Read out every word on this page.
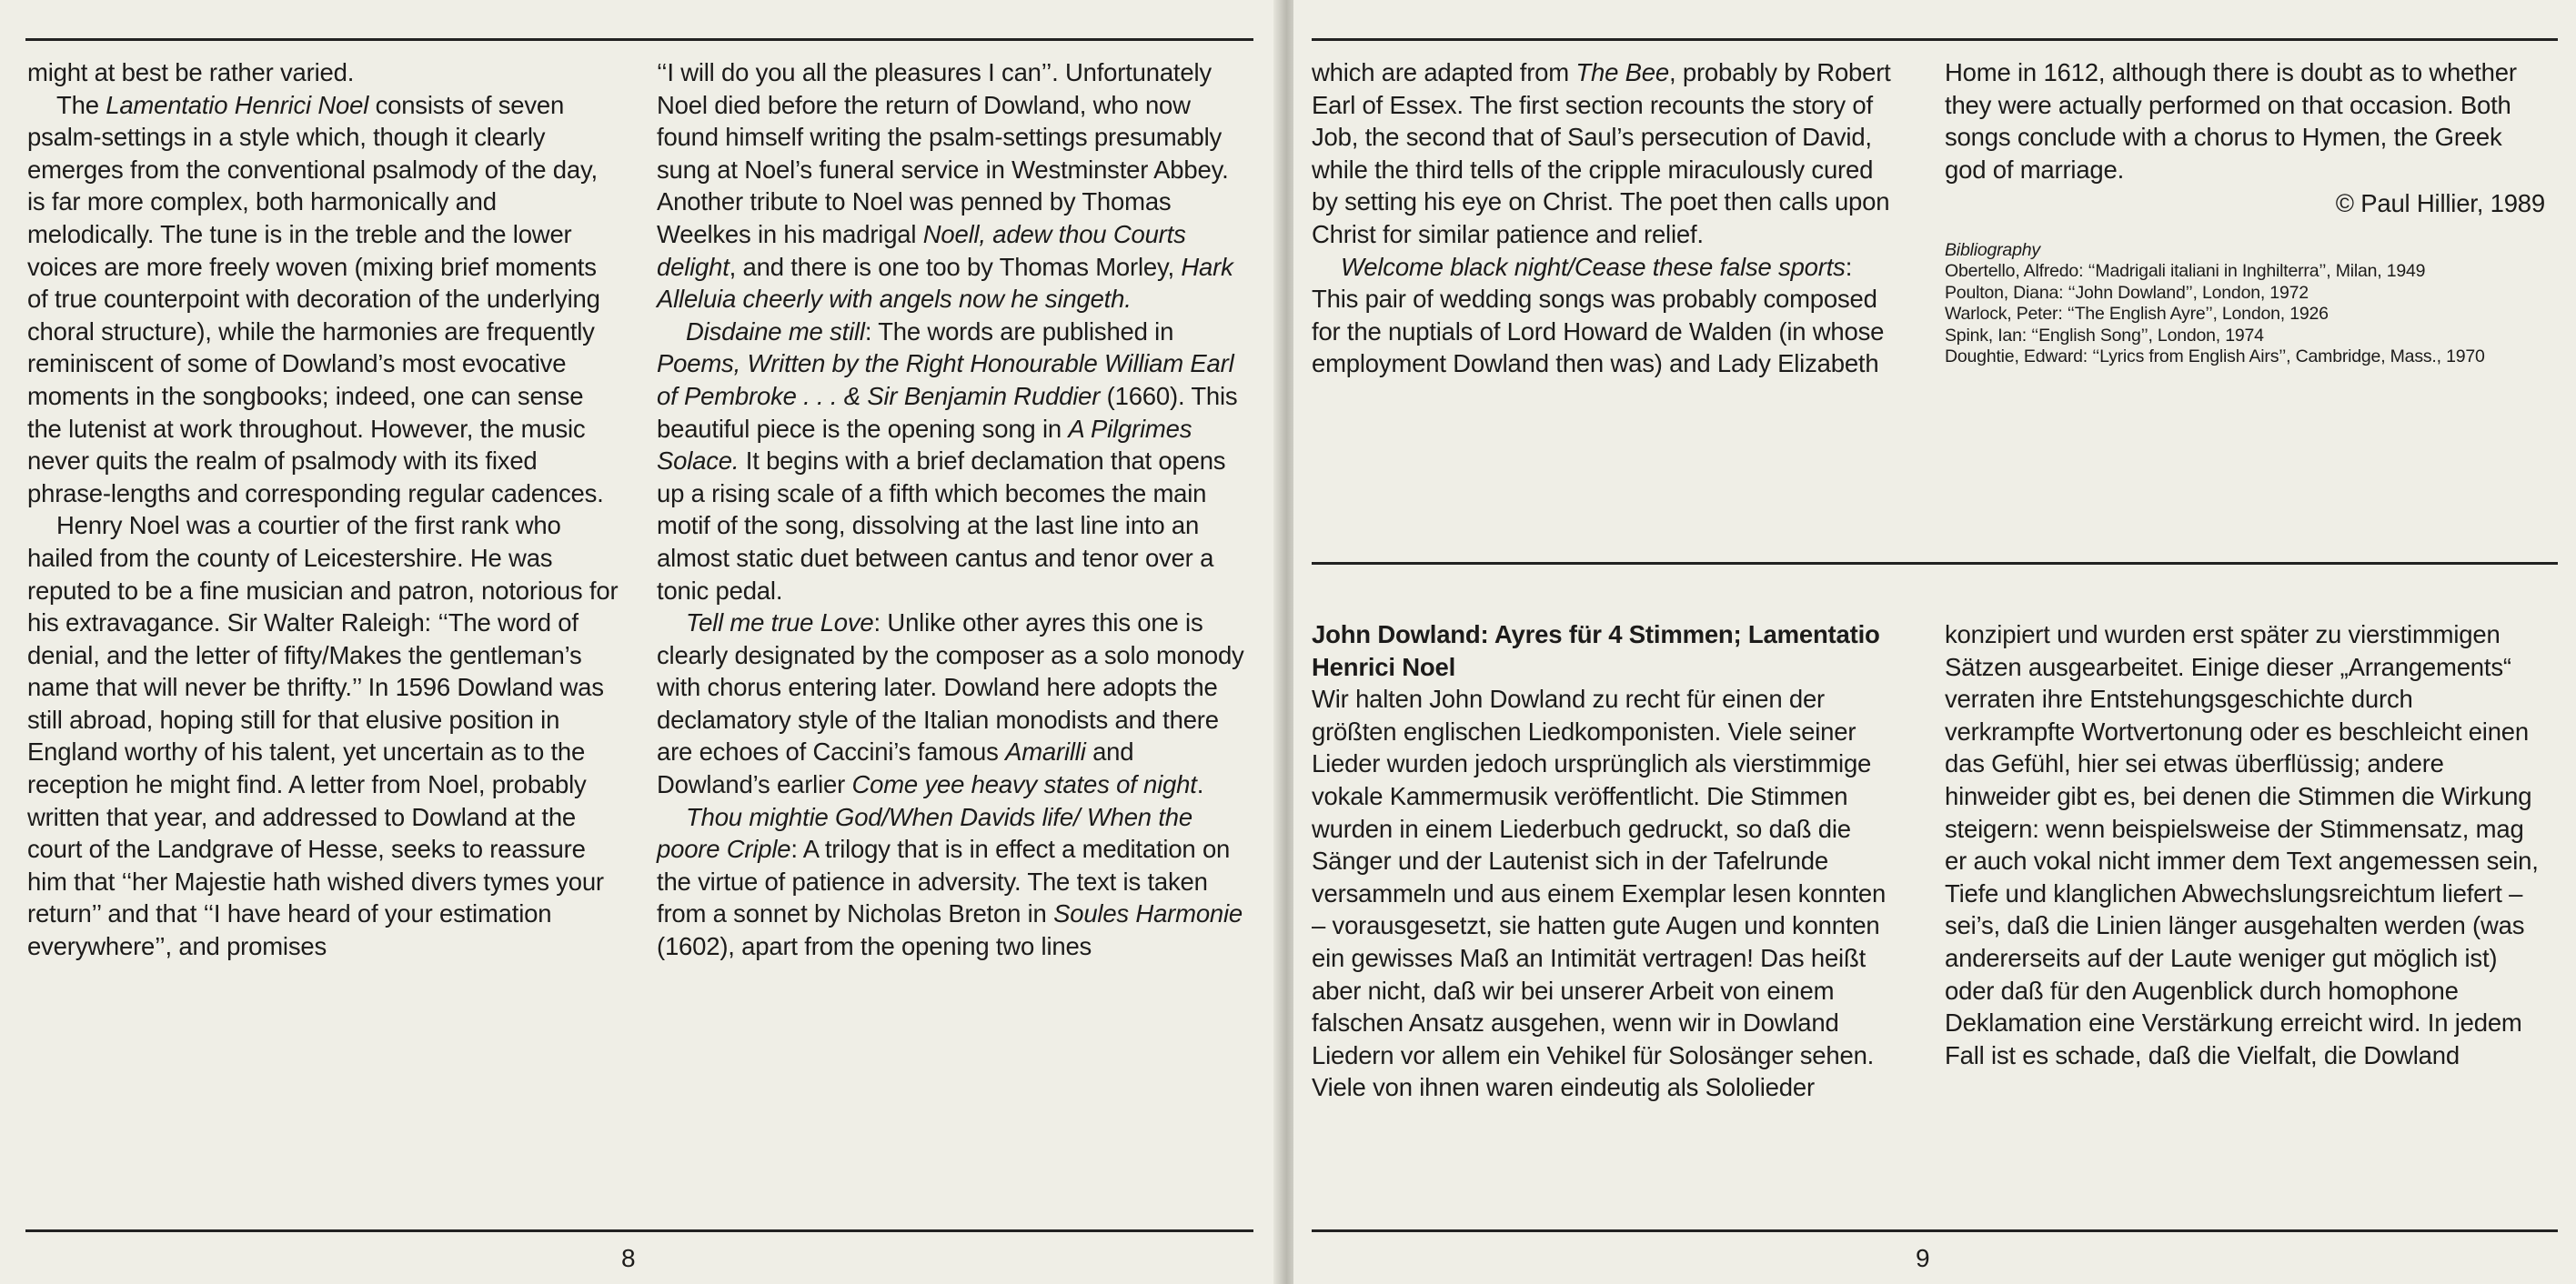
might at best be rather varied.

The Lamentatio Henrici Noel consists of seven psalm-settings in a style which, though it clearly emerges from the conventional psalmody of the day, is far more complex, both harmonically and melodically. The tune is in the treble and the lower voices are more freely woven (mixing brief moments of true counterpoint with decoration of the underlying choral structure), while the harmonies are frequently reminiscent of some of Dowland’s most evocative moments in the songbooks; indeed, one can sense the lutenist at work throughout. However, the music never quits the realm of psalmody with its fixed phrase-lengths and corresponding regular cadences.

Henry Noel was a courtier of the first rank who hailed from the county of Leicestershire. He was reputed to be a fine musician and patron, notorious for his extravagance. Sir Walter Raleigh: ‘‘The word of denial, and the letter of fifty/Makes the gentleman’s name that will never be thrifty.’’ In 1596 Dowland was still abroad, hoping still for that elusive position in England worthy of his talent, yet uncertain as to the reception he might find. A letter from Noel, probably written that year, and addressed to Dowland at the court of the Landgrave of Hesse, seeks to reassure him that ‘‘her Majestie hath wished divers tymes your return’’ and that ‘‘I have heard of your estimation everywhere’’, and promises

‘‘I will do you all the pleasures I can’’. Unfortunately Noel died before the return of Dowland, who now found himself writing the psalm-settings presumably sung at Noel’s funeral service in Westminster Abbey. Another tribute to Noel was penned by Thomas Weelkes in his madrigal Noell, adew thou Courts delight, and there is one too by Thomas Morley, Hark Alleluia cheerly with angels now he singeth.

Disdaine me still: The words are published in Poems, Written by the Right Honourable William Earl of Pembroke . . . & Sir Benjamin Ruddier (1660). This beautiful piece is the opening song in A Pilgrimes Solace. It begins with a brief declamation that opens up a rising scale of a fifth which becomes the main motif of the song, dissolving at the last line into an almost static duet between cantus and tenor over a tonic pedal.

Tell me true Love: Unlike other ayres this one is clearly designated by the composer as a solo monody with chorus entering later. Dowland here adopts the declamatory style of the Italian monodists and there are echoes of Caccini’s famous Amarilli and Dowland’s earlier Come yee heavy states of night.

Thou mightie God/When Davids life/ When the poore Criple: A trilogy that is in effect a meditation on the virtue of patience in adversity. The text is taken from a sonnet by Nicholas Breton in Soules Harmonie (1602), apart from the opening two lines

8

which are adapted from The Bee, probably by Robert Earl of Essex. The first section recounts the story of Job, the second that of Saul’s persecution of David, while the third tells of the cripple miraculously cured by setting his eye on Christ. The poet then calls upon Christ for similar patience and relief.

Welcome black night/Cease these false sports: This pair of wedding songs was probably composed for the nuptials of Lord Howard de Walden (in whose employment Dowland then was) and Lady Elizabeth

Home in 1612, although there is doubt as to whether they were actually performed on that occasion. Both songs conclude with a chorus to Hymen, the Greek god of marriage.

© Paul Hillier, 1989

Bibliography
Obertello, Alfredo: ‘‘Madrigali italiani in Inghilterra’’, Milan, 1949
Poulton, Diana: ‘‘John Dowland’’, London, 1972
Warlock, Peter: ‘‘The English Ayre’’, London, 1926
Spink, Ian: ‘‘English Song’’, London, 1974
Doughtie, Edward: ‘‘Lyrics from English Airs’’, Cambridge, Mass., 1970

John Dowland: Ayres für 4 Stimmen; Lamentatio Henrici Noel

Wir halten John Dowland zu recht für einen der größten englischen Liedkomponisten. Viele seiner Lieder wurden jedoch ursprünglich als vierstimmige vokale Kammermusik veröffentlicht. Die Stimmen wurden in einem Liederbuch gedruckt, so daß die Sänger und der Lautenist sich in der Tafelrunde versammeln und aus einem Exemplar lesen konnten – vorausgesetzt, sie hatten gute Augen und konnten ein gewisses Maß an Intimität vertragen! Das heißt aber nicht, daß wir bei unserer Arbeit von einem falschen Ansatz ausgehen, wenn wir in Dowland Liedern vor allem ein Vehikel für Solosänger sehen. Viele von ihnen waren eindeutig als Sololieder

konzipiert und wurden erst später zu vierstimmigen Sätzen ausgearbeitet. Einige dieser „Arrangements“ verraten ihre Entstehungsgeschichte durch verkrampfte Wortvertonung oder es beschleicht einen das Gefühl, hier sei etwas überflüssig; andere hinweider gibt es, bei denen die Stimmen die Wirkung steigern: wenn beispielsweise der Stimmensatz, mag er auch vokal nicht immer dem Text angemessen sein, Tiefe und klanglichen Abwechslungsreichtum liefert – sei’s, daß die Linien länger ausgehalten werden (was andererseits auf der Laute weniger gut möglich ist) oder daß für den Augenblick durch homophone Deklamation eine Verstärkung erreicht wird. In jedem Fall ist es schade, daß die Vielfalt, die Dowland

9
